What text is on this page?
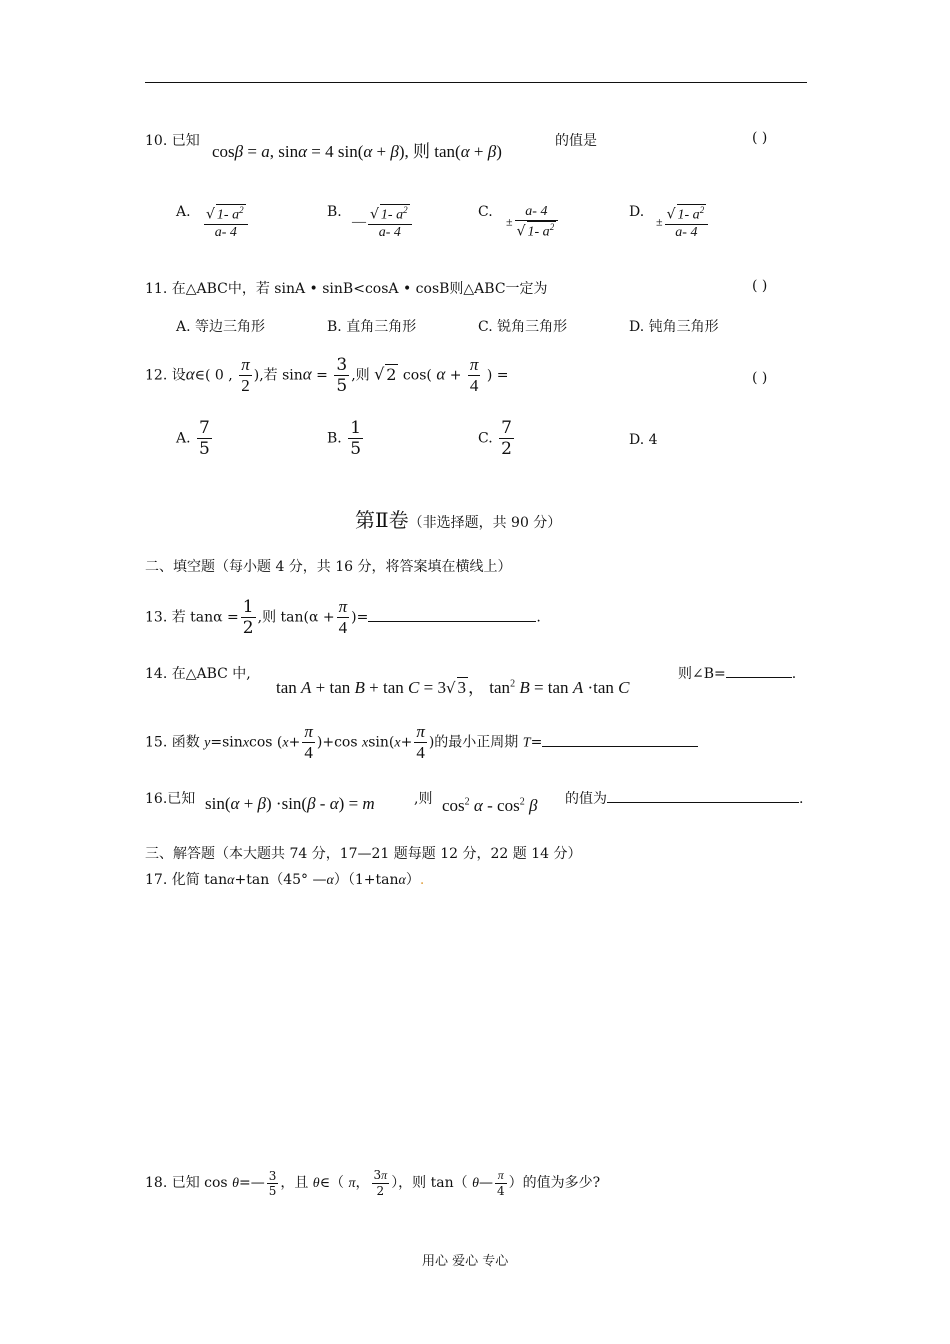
10. 已知
cosβ = a, sinα = 4 sin(α + β), 则 tan(α + β)
的值是	( )
A. $\frac{√ 1- a^2}{a- 4}$	B.
— $\frac{√ 1- a^2}{a- 4}$	C.
± $\frac{a- 4}{√ 1- a^2}$	D.
± $\frac{√ 1- a^2}{a- 4}$
11. 在△ABC中，若 sinA • sinB<cosA • cosB则△ABC一定为	( )
A. 等边三角形	B. 直角三角形	C. 锐角三角形	D. 钝角三角形
12. 设α∈( 0 , $\frac{\pi}{2}$ ),若 $\sin\alpha = \frac{3}{5}$ ,则 √ 2 cos( $\alpha + \frac{\pi}{4}$ ) =	( )
A. $\frac{7}{5}$	B. $\frac{1}{5}$	C. $\frac{7}{2}$	D. 4
第Ⅱ卷（非选择题，共 90 分）
二、填空题（每小题 4 分，共 16 分，将答案填在横线上）
13. 若 $\tan\alpha = \frac{1}{2}$ ,则 $\tan(\alpha + \frac{\pi}{4}$ )=	.
14. 在△ABC 中,
tan A + tan B + tan C = 3√ 3 ， $\tan^2 B = \tan A \cdot\tan$ C
则∠B=	.
15. 函数 y=sinxcos $(x+ \frac{\pi}{4} )+\cos$ $xsin(x+ \frac{\pi}{4}$ )的最小正周期 T=
16.已知 sin(α + β) ·sin(β - α) = m	,则 $\cos^2 \alpha - \cos^2 \beta$ 的值为	.
三、解答题（本大题共 74 分，17—21 题每题 12 分，22 题 14 分）
17. 化简 tanα+tan（45° —α）（1+tanα）.
18. 已知 cos θ=— $\frac{3}{5}$ ，且 θ∈（ π， $\frac{3\pi}{2}$ ），则 tan（ θ— $\frac{\pi}{4}$ ）的值为多少?
用心 爱心 专心
